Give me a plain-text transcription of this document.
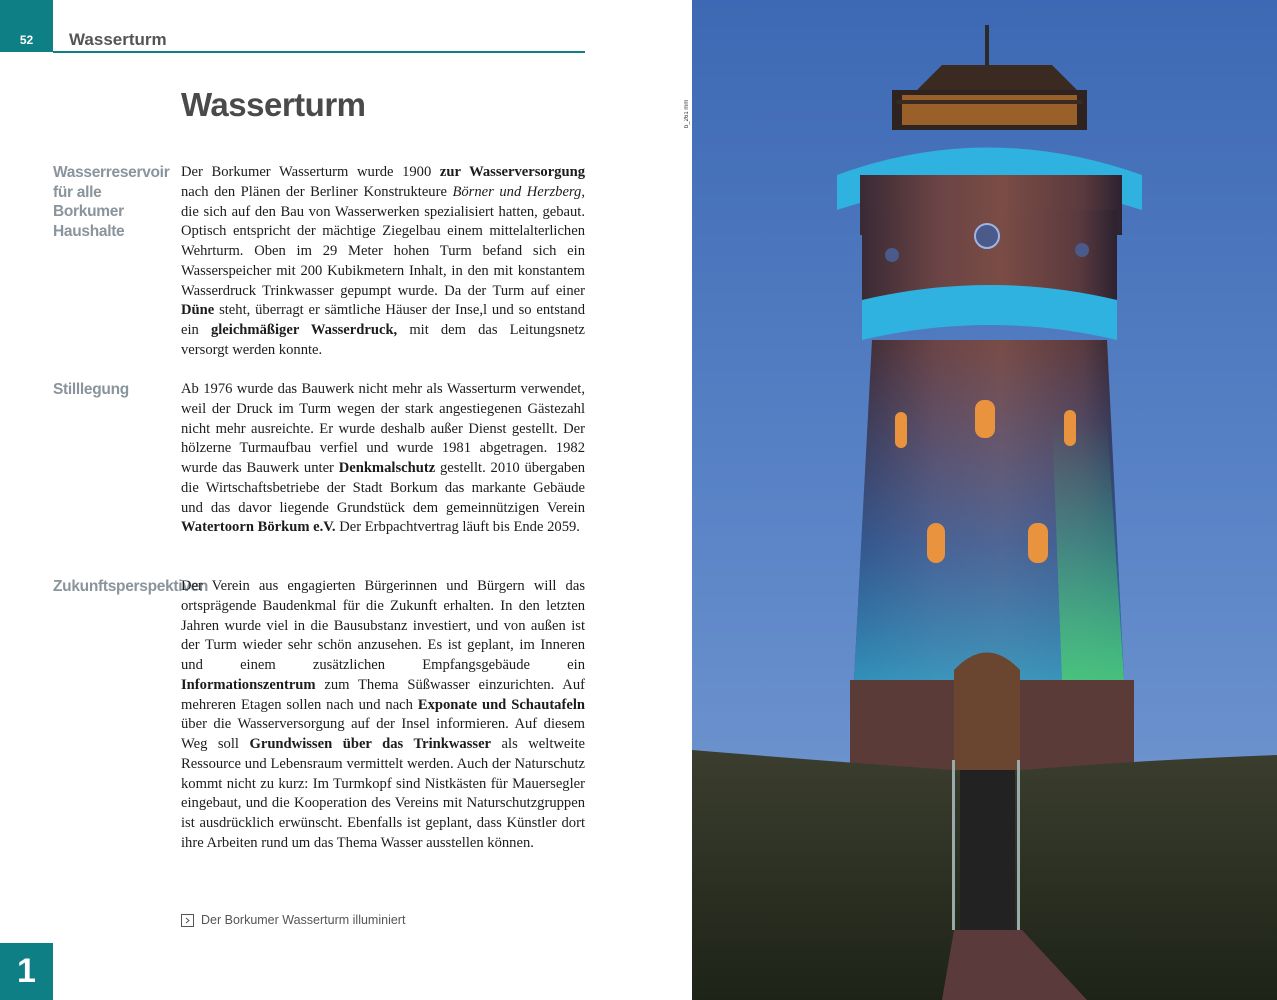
52	Wasserturm
Wasserturm
Wasserreservoir für alle Borkumer Haushalte

Der Borkumer Wasserturm wurde 1900 zur Wasserversorgung nach den Plänen der Berliner Konstrukteure Börner und Herzberg, die sich auf den Bau von Wasserwerken spezialisiert hatten, gebaut. Optisch entspricht der mächtige Ziegelbau einem mittelalterlichen Wehrturm. Oben im 29 Meter hohen Turm befand sich ein Wasserspeicher mit 200 Kubikmetern Inhalt, in den mit konstantem Wasserdruck Trinkwasser gepumpt wurde. Da der Turm auf einer Düne steht, überragt er sämtliche Häuser der Inse,l und so entstand ein gleichmäßiger Wasserdruck, mit dem das Leitungsnetz versorgt werden konnte.

Stilllegung	Ab 1976 wurde das Bauwerk nicht mehr als Wasserturm verwendet, weil der Druck im Turm wegen der stark angestiegenen Gästezahl nicht mehr ausreichte. Er wurde deshalb außer Dienst gestellt. Der hölzerne Turmaufbau verfiel und wurde 1981 abgetragen. 1982 wurde das Bauwerk unter Denkmalschutz gestellt. 2010 übergaben die Wirtschaftsbetriebe der Stadt Borkum das markante Gebäude und das davor liegende Grundstück dem gemeinnützigen Verein Watertoorn Börkum e.V. Der Erbpachtvertrag läuft bis Ende 2059.

Zukunftsperspektiven

Der Verein aus engagierten Bürgerinnen und Bürgern will das ortsprägende Baudenkmal für die Zukunft erhalten. In den letzten Jahren wurde viel in die Bausubstanz investiert, und von außen ist der Turm wieder sehr schön anzusehen. Es ist geplant, im Inneren und einem zusätzlichen Empfangsgebäude ein Informationszentrum zum Thema Süßwasser einzurichten. Auf mehreren Etagen sollen nach und nach Exponate und Schautafeln über die Wasserversorgung auf der Insel informieren. Auf diesem Weg soll Grundwissen über das Trinkwasser als weltweite Ressource und Lebensraum vermittelt werden. Auch der Naturschutz kommt nicht zu kurz: Im Turmkopf sind Nistkästen für Mauersegler eingebaut, und die Kooperation des Vereins mit Naturschutzgruppen ist ausdrücklich erwünscht. Ebenfalls ist geplant, dass Künstler dort ihre Arbeiten rund um das Thema Wasser ausstellen können.

Der Borkumer Wasserturm illuminiert
1
b_261 mm
